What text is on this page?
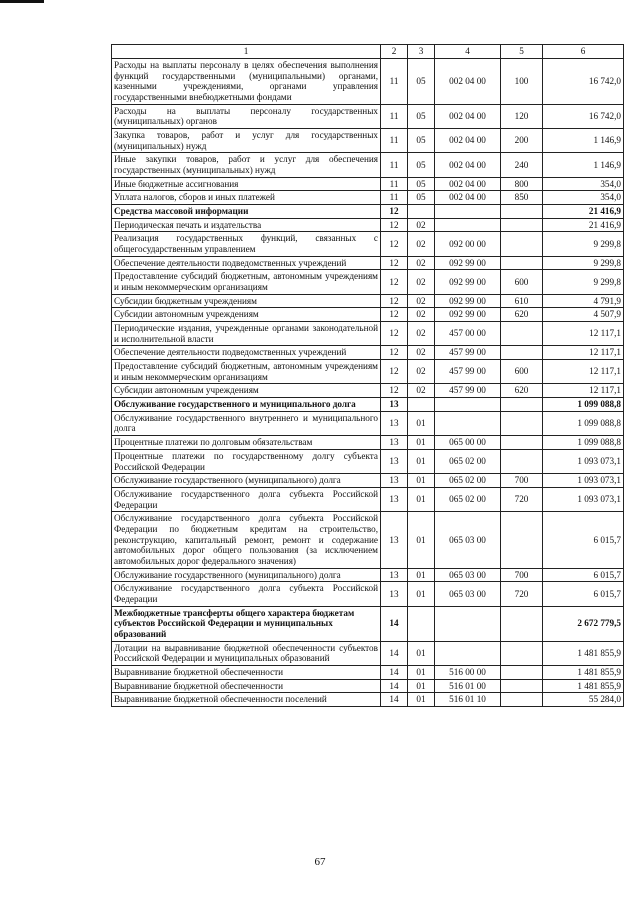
1	2	3	4	5	6
Расходы на выплаты персоналу в целях обеспечения выполнения функций государственными (муниципальными) органами, казенными учреждениями, органами управления государственными внебюджетными фондами	11	05	002 04 00	100	16 742,0
Расходы на выплаты персоналу государственных (муниципальных) органов	11	05	002 04 00	120	16 742,0
Закупка товаров, работ и услуг для государственных (муниципальных) нужд	11	05	002 04 00	200	1 146,9
Иные закупки товаров, работ и услуг для обеспечения государственных (муниципальных) нужд	11	05	002 04 00	240	1 146,9
Иные бюджетные ассигнования	11	05	002 04 00	800	354,0
Уплата налогов, сборов и иных платежей	11	05	002 04 00	850	354,0
Средства массовой информации	12				21 416,9
Периодическая печать и издательства	12	02			21 416,9
Реализация государственных функций, связанных с общегосударственным управлением	12	02	092 00 00		9 299,8
Обеспечение деятельности подведомственных учреждений	12	02	092 99 00		9 299,8
Предоставление субсидий бюджетным, автономным учреждениям и иным некоммерческим организациям	12	02	092 99 00	600	9 299,8
Субсидии бюджетным учреждениям	12	02	092 99 00	610	4 791,9
Субсидии автономным учреждениям	12	02	092 99 00	620	4 507,9
Периодические издания, учрежденные органами законодательной и исполнительной власти	12	02	457 00 00		12 117,1
Обеспечение деятельности подведомственных учреждений	12	02	457 99 00		12 117,1
Предоставление субсидий бюджетным, автономным учреждениям и иным некоммерческим организациям	12	02	457 99 00	600	12 117,1
Субсидии автономным учреждениям	12	02	457 99 00	620	12 117,1
Обслуживание государственного и муниципального долга	13				1 099 088,8
Обслуживание государственного внутреннего и муниципального долга	13	01			1 099 088,8
Процентные платежи по долговым обязательствам	13	01	065 00 00		1 099 088,8
Процентные платежи по государственному долгу субъекта Российской Федерации	13	01	065 02 00		1 093 073,1
Обслуживание государственного (муниципального) долга	13	01	065 02 00	700	1 093 073,1
Обслуживание государственного долга субъекта Российской Федерации	13	01	065 02 00	720	1 093 073,1
Обслуживание государственного долга субъекта Российской Федерации по бюджетным кредитам на строительство, реконструкцию, капитальный ремонт, ремонт и содержание автомобильных дорог общего пользования (за исключением автомобильных дорог федерального значения)	13	01	065 03 00		6 015,7
Обслуживание государственного (муниципального) долга	13	01	065 03 00	700	6 015,7
Обслуживание государственного долга субъекта Российской Федерации	13	01	065 03 00	720	6 015,7
Межбюджетные трансферты общего характера бюджетам субъектов Российской Федерации и муниципальных образований	14				2 672 779,5
Дотации на выравнивание бюджетной обеспеченности субъектов Российской Федерации и муниципальных образований	14	01			1 481 855,9
Выравнивание бюджетной обеспеченности	14	01	516 00 00		1 481 855,9
Выравнивание бюджетной обеспеченности	14	01	516 01 00		1 481 855,9
Выравнивание бюджетной обеспеченности поселений	14	01	516 01 10		55 284,0
67
